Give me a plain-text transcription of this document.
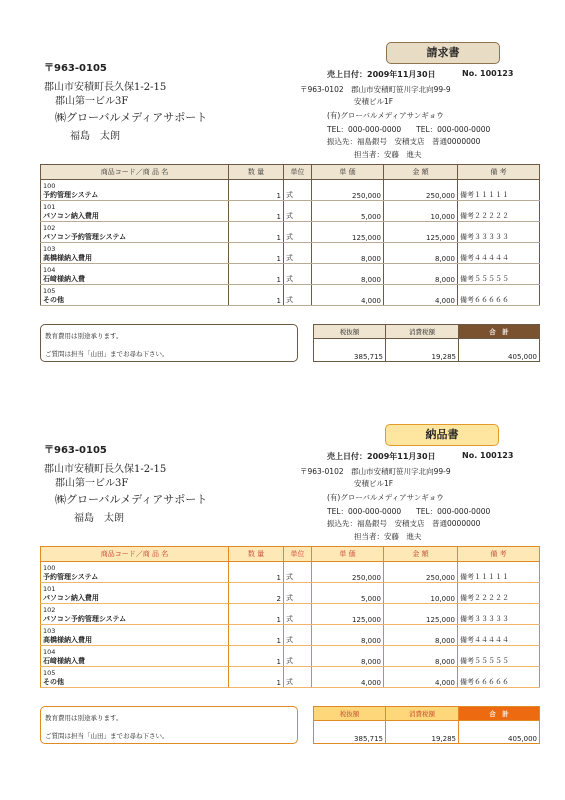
〒963-0105
郡山市安積町長久保1-2-15
郡山第一ビル3F
㈱グローバルメディアサポート
福島　太朗
請求書
売上日付：2009年11月30日	No. 100123
〒963-0102　郡山市安積町笹川字北向99-9
安積ビル1F
(有)グローバルメディアサンギョウ
TEL：000-000-0000　　TEL：000-000-0000
振込先：福島銀号　安積支店　普通0000000
担当者：安藤　進夫
商品コード／商 品 名	数 量	単位	単 価	金 額	備 考

100
予約管理システム	1	式	250,000	250,000	備考１１１１１

101
パソコン納入費用	1	式	5,000	10,000	備考２２２２２

102
パソコン予約管理システム	1	式	125,000	125,000	備考３３３３３

103
高橋様納入費用	1	式	8,000	8,000	備考４４４４４

104
石﨑様納入費	1	式	8,000	8,000	備考５５５５５

105
その他	1	式	4,000	4,000	備考６６６６６
教育費用は別途承ります。
ご質問は担当「山田」までお尋ね下さい。
税抜額	消費税額	合　計
385,715	19,285	405,000
〒963-0105
郡山市安積町長久保1-2-15
郡山第一ビル3F
㈱グローバルメディアサポート
福島　太朗
納品書
売上日付：2009年11月30日	No. 100123
〒963-0102　郡山市安積町笹川字北向99-9
安積ビル1F
(有)グローバルメディアサンギョウ
TEL：000-000-0000　　TEL：000-000-0000
振込先：福島銀号　安積支店　普通0000000
担当者：安藤　進夫
商品コード／商 品 名	数 量	単位	単 価	金 額	備 考

100
予約管理システム	1	式	250,000	250,000	備考１１１１１

101
パソコン納入費用	2	式	5,000	10,000	備考２２２２２

102
パソコン予約管理システム	1	式	125,000	125,000	備考３３３３３

103
高橋様納入費用	1	式	8,000	8,000	備考４４４４４

104
石﨑様納入費	1	式	8,000	8,000	備考５５５５５

105
その他	1	式	4,000	4,000	備考６６６６６
教育費用は別途承ります。
ご質問は担当「山田」までお尋ね下さい。
税抜額	消費税額	合　計
385,715	19,285	405,000
